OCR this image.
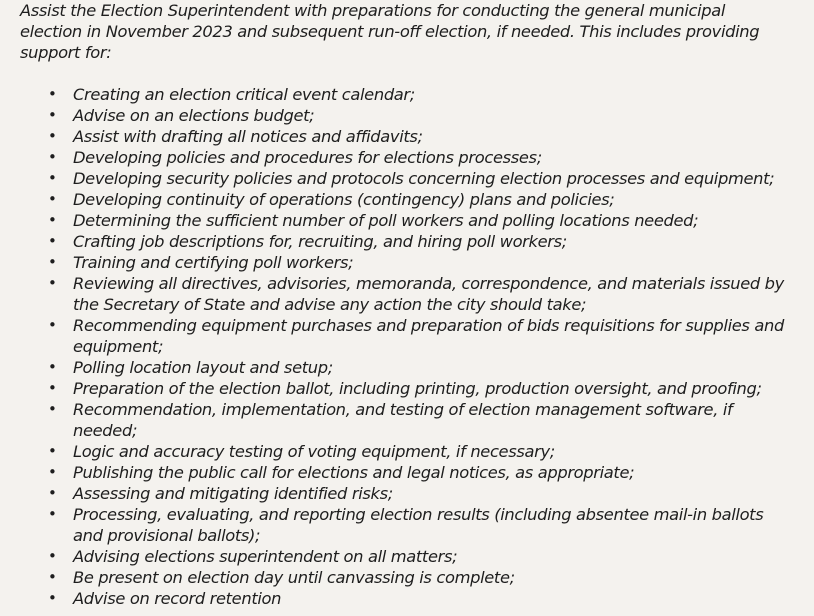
Assist the Election Superintendent with preparations for conducting the general municipal election in November 2023 and subsequent run-off election, if needed. This includes providing support for:

• Creating an election critical event calendar;
• Advise on an elections budget;
• Assist with drafting all notices and affidavits;
• Developing policies and procedures for elections processes;
• Developing security policies and protocols concerning election processes and equipment;
• Developing continuity of operations (contingency) plans and policies;
• Determining the sufficient number of poll workers and polling locations needed;
• Crafting job descriptions for, recruiting, and hiring poll workers;
• Training and certifying poll workers;
• Reviewing all directives, advisories, memoranda, correspondence, and materials issued by the Secretary of State and advise any action the city should take;
• Recommending equipment purchases and preparation of bids requisitions for supplies and equipment;
• Polling location layout and setup;
• Preparation of the election ballot, including printing, production oversight, and proofing;
• Recommendation, implementation, and testing of election management software, if needed;
• Logic and accuracy testing of voting equipment, if necessary;
• Publishing the public call for elections and legal notices, as appropriate;
• Assessing and mitigating identified risks;
• Processing, evaluating, and reporting election results (including absentee mail-in ballots and provisional ballots);
• Advising elections superintendent on all matters;
• Be present on election day until canvassing is complete;
• Advise on record retention
